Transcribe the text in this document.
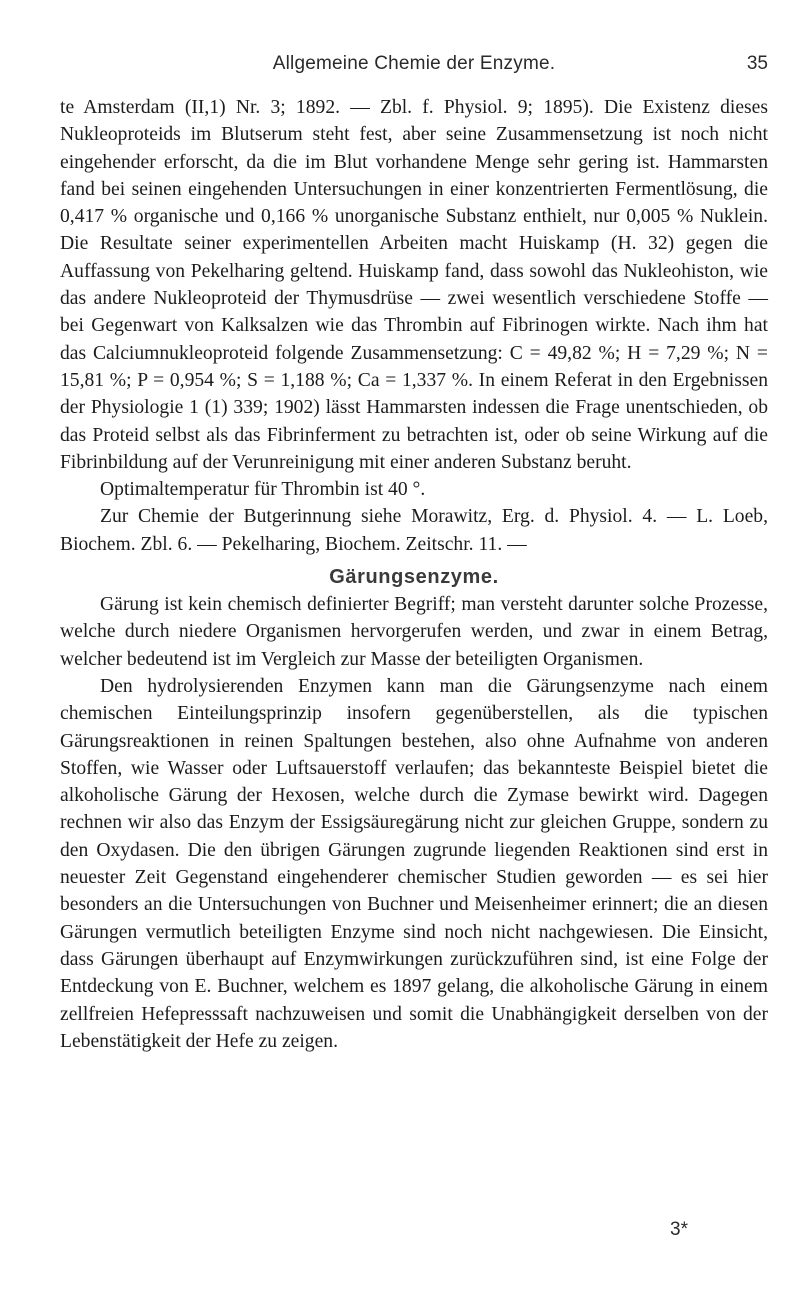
Allgemeine Chemie der Enzyme.	35

te Amsterdam (II,1) Nr. 3; 1892. — Zbl. f. Physiol. 9; 1895). Die Existenz dieses Nukleoproteids im Blutserum steht fest, aber seine Zusammensetzung ist noch nicht eingehender erforscht, da die im Blut vorhandene Menge sehr gering ist. Hammarsten fand bei seinen eingehenden Untersuchungen in einer konzentrierten Fermentlösung, die 0,417 % organische und 0,166 % unorganische Substanz enthielt, nur 0,005 % Nuklein. Die Resultate seiner experimentellen Arbeiten macht Huiskamp (H. 32) gegen die Auffassung von Pekelharing geltend. Huiskamp fand, dass sowohl das Nukleohiston, wie das andere Nukleoproteid der Thymusdrüse — zwei wesentlich verschiedene Stoffe — bei Gegenwart von Kalksalzen wie das Thrombin auf Fibrinogen wirkte. Nach ihm hat das Calciumnukleoproteid folgende Zusammensetzung: C = 49,82 %; H = 7,29 %; N = 15,81 %; P = 0,954 %; S = 1,188 %; Ca = 1,337 %. In einem Referat in den Ergebnissen der Physiologie 1 (1) 339; 1902) lässt Hammarsten indessen die Frage unentschieden, ob das Proteid selbst als das Fibrinferment zu betrachten ist, oder ob seine Wirkung auf die Fibrinbildung auf der Verunreinigung mit einer anderen Substanz beruht.

Optimaltemperatur für Thrombin ist 40 °.

Zur Chemie der Butgerinnung siehe Morawitz, Erg. d. Physiol. 4. — L. Loeb, Biochem. Zbl. 6. — Pekelharing, Biochem. Zeitschr. 11. —

Gärungsenzyme.

Gärung ist kein chemisch definierter Begriff; man versteht darunter solche Prozesse, welche durch niedere Organismen hervorgerufen werden, und zwar in einem Betrag, welcher bedeutend ist im Vergleich zur Masse der beteiligten Organismen.

Den hydrolysierenden Enzymen kann man die Gärungsenzyme nach einem chemischen Einteilungsprinzip insofern gegenüberstellen, als die typischen Gärungsreaktionen in reinen Spaltungen bestehen, also ohne Aufnahme von anderen Stoffen, wie Wasser oder Luftsauerstoff verlaufen; das bekannteste Beispiel bietet die alkoholische Gärung der Hexosen, welche durch die Zymase bewirkt wird. Dagegen rechnen wir also das Enzym der Essigsäuregärung nicht zur gleichen Gruppe, sondern zu den Oxydasen. Die den übrigen Gärungen zugrunde liegenden Reaktionen sind erst in neuester Zeit Gegenstand eingehenderer chemischer Studien geworden — es sei hier besonders an die Untersuchungen von Buchner und Meisenheimer erinnert; die an diesen Gärungen vermutlich beteiligten Enzyme sind noch nicht nachgewiesen. Die Einsicht, dass Gärungen überhaupt auf Enzymwirkungen zurückzuführen sind, ist eine Folge der Entdeckung von E. Buchner, welchem es 1897 gelang, die alkoholische Gärung in einem zellfreien Hefepresssaft nachzuweisen und somit die Unabhängigkeit derselben von der Lebenstätigkeit der Hefe zu zeigen.

3*
